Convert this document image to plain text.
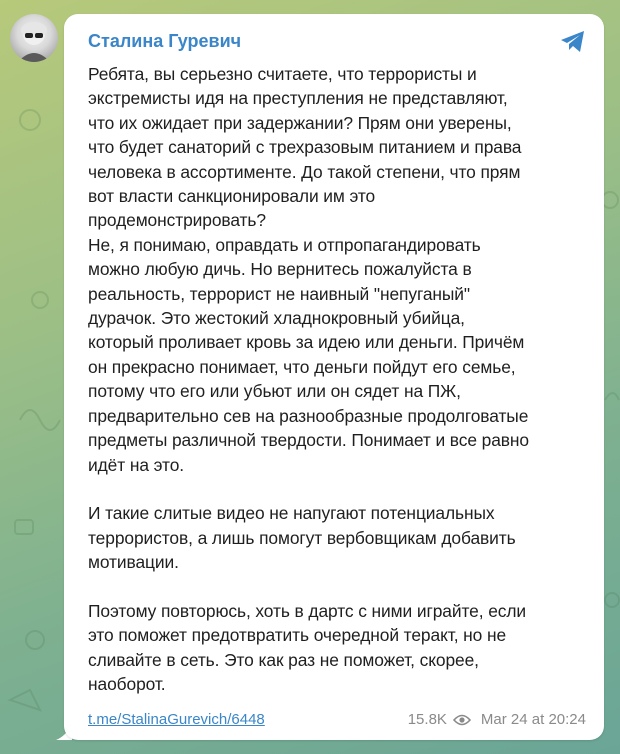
Сталина Гуревич
Ребята, вы серьезно считаете, что террористы и
экстремисты идя на преступления не представляют,
что их ожидает при задержании? Прям они уверены,
что будет санаторий с трехразовым питанием и права
человека в ассортименте. До такой степени, что прям
вот власти санкционировали им это
продемонстрировать?
Не, я понимаю, оправдать и отпропагандировать
можно любую дичь. Но вернитесь пожалуйста в
реальность, террорист не наивный "непуганый"
дурачок. Это жестокий хладнокровный убийца,
который проливает кровь за идею или деньги. Причём
он прекрасно понимает, что деньги пойдут его семье,
потому что его или убьют или он сядет на ПЖ,
предварительно сев на разнообразные продолговатые
предметы различной твердости. Понимает и все равно
идёт на это.

И такие слитые видео не напугают потенциальных
террористов, а лишь помогут вербовщикам добавить
мотивации.

Поэтому повторюсь, хоть в дартс с ними играйте, если
это поможет предотвратить очередной теракт, но не
сливайте в сеть. Это как раз не поможет, скорее,
наоборот.
t.me/StalinaGurevich/6448	15.8K Mar 24 at 20:24
